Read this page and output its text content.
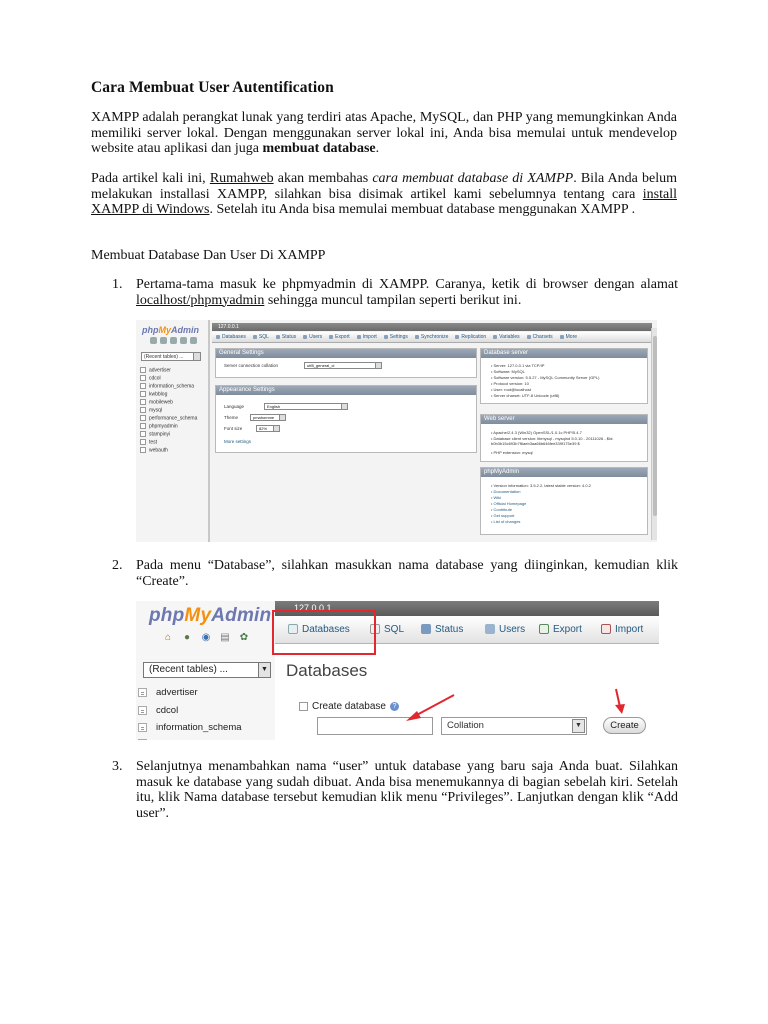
Cara Membuat User Autentification
XAMPP adalah perangkat lunak yang terdiri atas Apache, MySQL, dan PHP yang memungkinkan Anda memiliki server lokal. Dengan menggunakan server lokal ini, Anda bisa memulai untuk mendevelop website atau aplikasi dan juga membuat database.
Pada artikel kali ini, Rumahweb akan membahas cara membuat database di XAMPP. Bila Anda belum melakukan installasi XAMPP, silahkan bisa disimak artikel kami sebelumnya tentang cara install XAMPP di Windows. Setelah itu Anda bisa memulai membuat database menggunakan XAMPP .
Membuat Database Dan User Di XAMPP
1. Pertama-tama masuk ke phpmyadmin di XAMPP. Caranya, ketik di browser dengan alamat localhost/phpmyadmin sehingga muncul tampilan seperti berikut ini.
phpMyAdmin
(Recent tables) ...
advertiser
cdcol
information_schema
kwbblog
mobileweb
mysql
performance_schema
phpmyadmin
stampinyi
test
webauth
127.0.0.1
Databases	SQL	Status	Users	Export	Import	Settings	Synchronize	Replication	Variables	Charsets	More
General Settings
Server connection collation	utf8_general_ci
Appearance Settings
Language	English
Theme	pmahomme
Font size	82%
More settings
Database server
• Server: 127.0.0.1 via TCP/IP
• Software: MySQL
• Software version: 5.5.27 - MySQL Community Server (GPL)
• Protocol version: 10
• User: root@localhost
• Server charset: UTF-8 Unicode (utf8)
Web server
• Apache/2.4.3 (Win32) OpenSSL/1.0.1c PHP/5.4.7
• Database client version: libmysql - mysqlnd 5.0.10 - 20111026 - $Id: b0b3b15c693b7f6aeb3aa66b646fee339f175e39 $
• PHP extension: mysql
phpMyAdmin
• Version information: 3.5.2.2, latest stable version: 4.0.2
• Documentation
• Wiki
• Official Homepage
• Contribute
• Get support
• List of changes
2. Pada menu “Database”, silahkan masukkan nama database yang diinginkan, kemudian klik “Create”.
phpMyAdmin
⌂ ● ◉ ▤ ✿
(Recent tables) ...	▼
advertiser
cdcol
information_schema
127.0.0.1
Databases	SQL	Status	Users	Export	Import
Databases
Create database ?
Collation	▼	Create
3. Selanjutnya menambahkan nama “user” untuk database yang baru saja Anda buat. Silahkan masuk ke database yang sudah dibuat. Anda bisa menemukannya di bagian sebelah kiri. Setelah itu, klik Nama database tersebut kemudian klik menu “Privileges”. Lanjutkan dengan klik “Add user”.
